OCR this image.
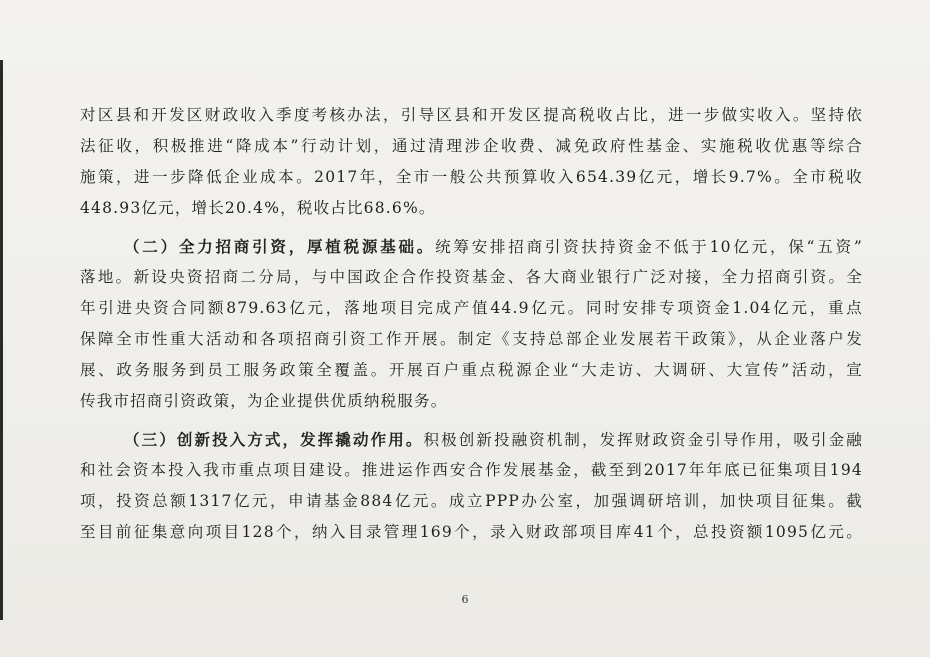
对区县和开发区财政收入季度考核办法，引导区县和开发区提高税收占比，进一步做实收入。坚持依
法征收，积极推进“降成本”行动计划，通过清理涉企收费、减免政府性基金、实施税收优惠等综合
施策，进一步降低企业成本。2017年，全市一般公共预算收入654.39亿元，增长9.7%。全市税收
448.93亿元，增长20.4%，税收占比68.6%。
（二）全力招商引资，厚植税源基础。统筹安排招商引资扶持资金不低于10亿元，保“五资”
落地。新设央资招商二分局，与中国政企合作投资基金、各大商业银行广泛对接，全力招商引资。全
年引进央资合同额879.63亿元，落地项目完成产值44.9亿元。同时安排专项资金1.04亿元，重点
保障全市性重大活动和各项招商引资工作开展。制定《支持总部企业发展若干政策》，从企业落户发
展、政务服务到员工服务政策全覆盖。开展百户重点税源企业“大走访、大调研、大宣传”活动，宣
传我市招商引资政策，为企业提供优质纳税服务。
（三）创新投入方式，发挥撬动作用。积极创新投融资机制，发挥财政资金引导作用，吸引金融
和社会资本投入我市重点项目建设。推进运作西安合作发展基金，截至到2017年年底已征集项目194
项，投资总额1317亿元，申请基金884亿元。成立PPP办公室，加强调研培训，加快项目征集。截
至目前征集意向项目128个，纳入目录管理169个，录入财政部项目库41个，总投资额1095亿元。
6
